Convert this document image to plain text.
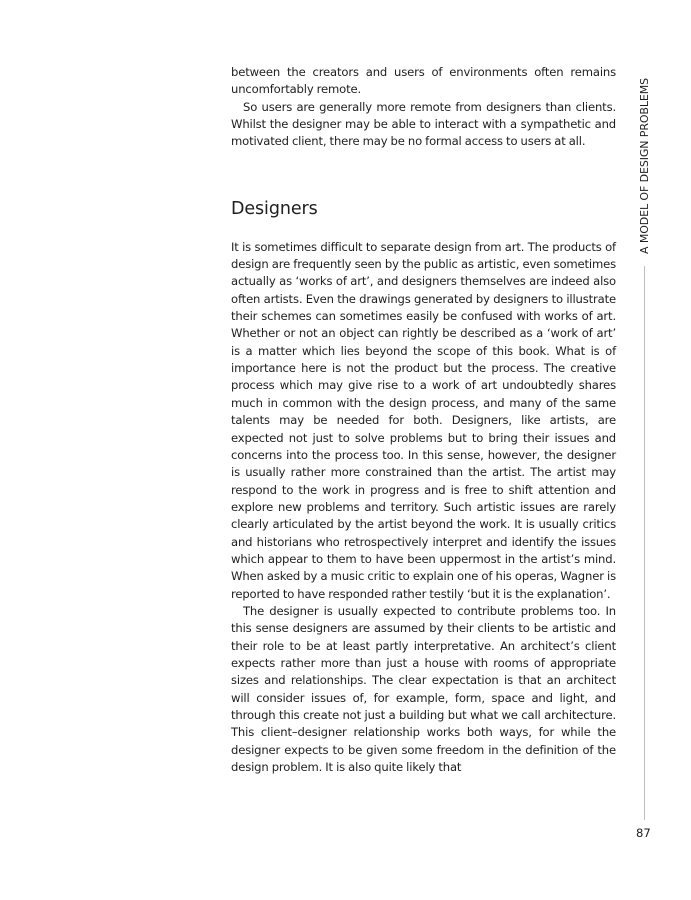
between the creators and users of environments often remains uncomfortably remote.

So users are generally more remote from designers than clients. Whilst the designer may be able to interact with a sympathetic and motivated client, there may be no formal access to users at all.

Designers

It is sometimes difficult to separate design from art. The products of design are frequently seen by the public as artistic, even sometimes actually as ‘works of art’, and designers themselves are indeed also often artists. Even the drawings generated by designers to illustrate their schemes can sometimes easily be confused with works of art. Whether or not an object can rightly be described as a ‘work of art’ is a matter which lies beyond the scope of this book. What is of importance here is not the product but the process. The creative process which may give rise to a work of art undoubtedly shares much in common with the design process, and many of the same talents may be needed for both. Designers, like artists, are expected not just to solve problems but to bring their issues and concerns into the process too. In this sense, however, the designer is usually rather more constrained than the artist. The artist may respond to the work in progress and is free to shift attention and explore new problems and territory. Such artistic issues are rarely clearly articulated by the artist beyond the work. It is usually critics and historians who retrospectively interpret and identify the issues which appear to them to have been uppermost in the artist’s mind. When asked by a music critic to explain one of his operas, Wagner is reported to have responded rather testily ‘but it is the explanation’.

The designer is usually expected to contribute problems too. In this sense designers are assumed by their clients to be artistic and their role to be at least partly interpretative. An architect’s client expects rather more than just a house with rooms of appropriate sizes and relationships. The clear expectation is that an architect will consider issues of, for example, form, space and light, and through this create not just a building but what we call architecture. This client–designer relationship works both ways, for while the designer expects to be given some freedom in the definition of the design problem. It is also quite likely that

A MODEL OF DESIGN PROBLEMS
87
